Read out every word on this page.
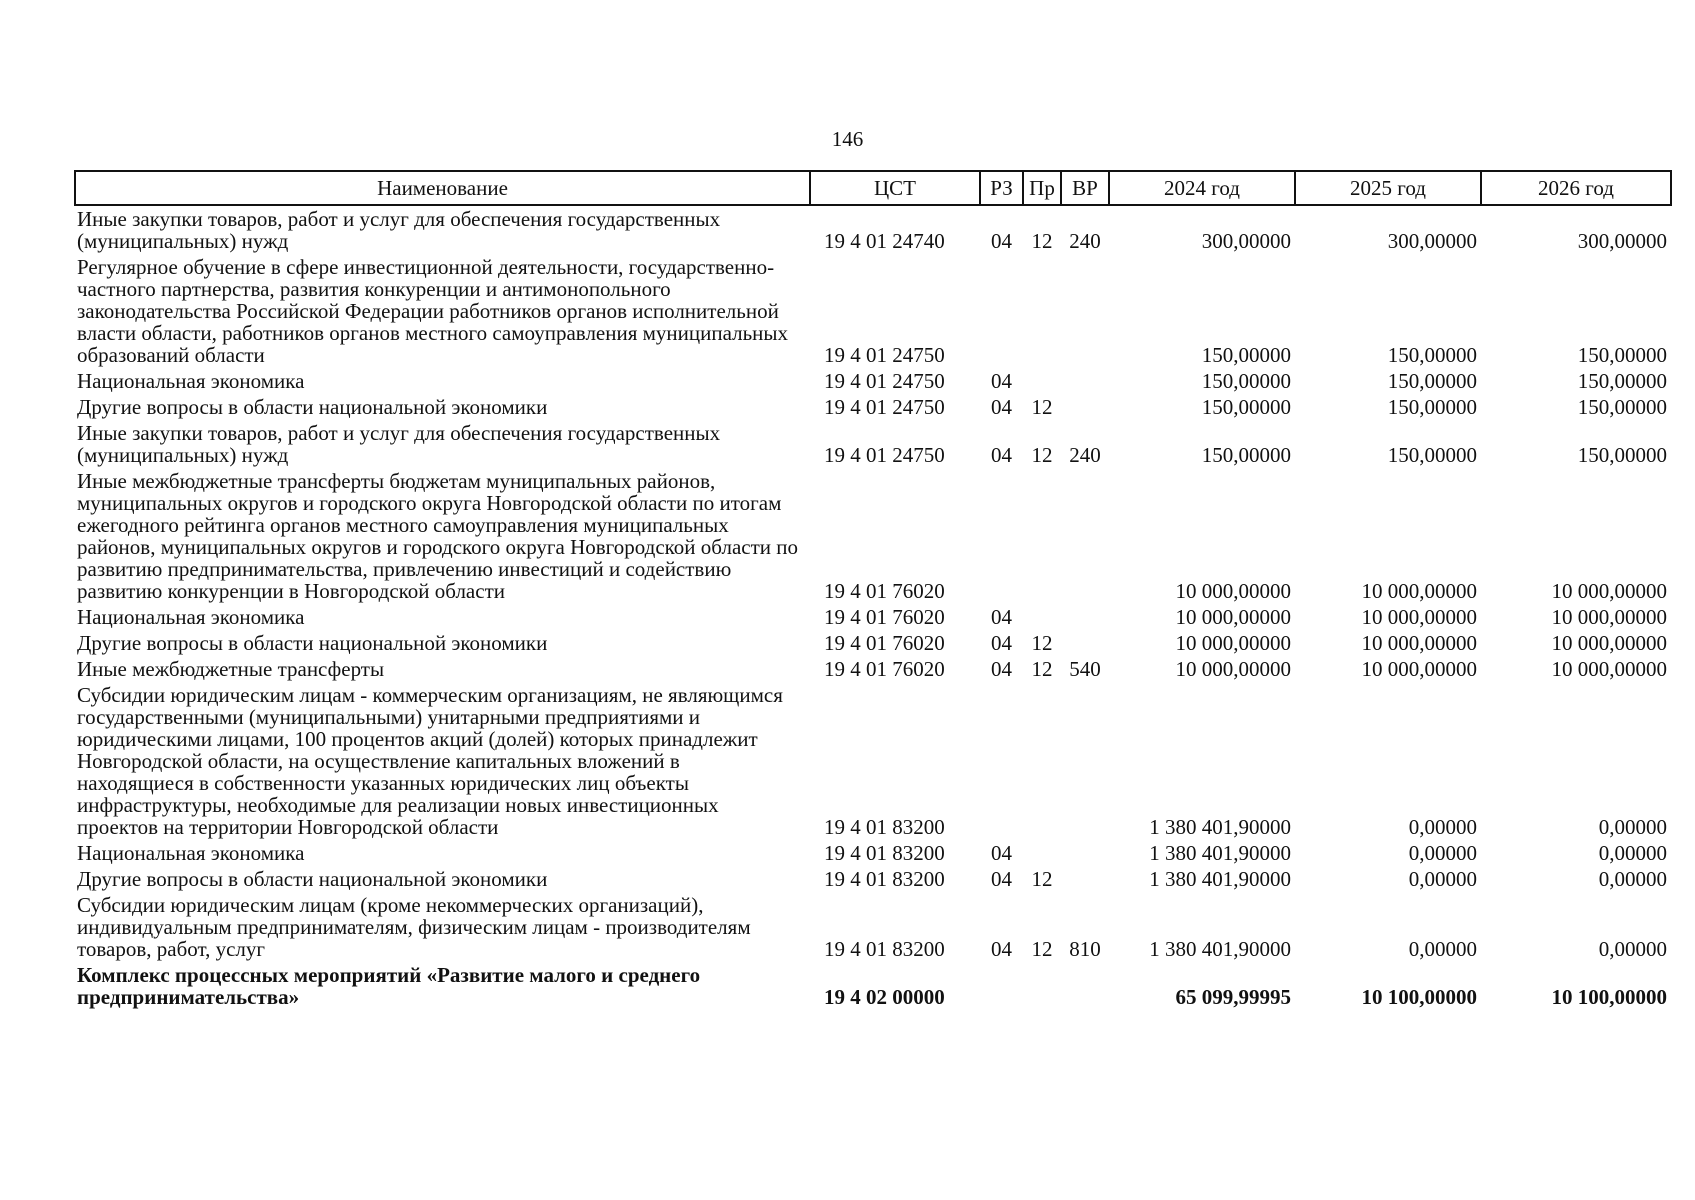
146
Наименование	ЦСТ	РЗ	Пр	ВР	2024 год	2025 год	2026 год
Иные закупки товаров, работ и услуг для обеспечения государственных (муниципальных) нужд	19 4 01 24740	04	12	240	300,00000	300,00000	300,00000
Регулярное обучение в сфере инвестиционной деятельности, государственно-частного партнерства, развития конкуренции и антимонопольного законодательства Российской Федерации работников органов исполнительной власти области, работников органов местного самоуправления муниципальных образований области	19 4 01 24750				150,00000	150,00000	150,00000
Национальная экономика	19 4 01 24750	04			150,00000	150,00000	150,00000
Другие вопросы в области национальной экономики	19 4 01 24750	04	12		150,00000	150,00000	150,00000
Иные закупки товаров, работ и услуг для обеспечения государственных (муниципальных) нужд	19 4 01 24750	04	12	240	150,00000	150,00000	150,00000
Иные межбюджетные трансферты бюджетам муниципальных районов, муниципальных округов и городского округа Новгородской области по итогам ежегодного рейтинга органов местного самоуправления муниципальных районов, муниципальных округов и городского округа Новгородской области по развитию предпринимательства, привлечению инвестиций и содействию развитию конкуренции в Новгородской области	19 4 01 76020				10 000,00000	10 000,00000	10 000,00000
Национальная экономика	19 4 01 76020	04			10 000,00000	10 000,00000	10 000,00000
Другие вопросы в области национальной экономики	19 4 01 76020	04	12		10 000,00000	10 000,00000	10 000,00000
Иные межбюджетные трансферты	19 4 01 76020	04	12	540	10 000,00000	10 000,00000	10 000,00000
Субсидии юридическим лицам - коммерческим организациям, не являющимся государственными (муниципальными) унитарными предприятиями и юридическими лицами, 100 процентов акций (долей) которых принадлежит Новгородской области, на осуществление капитальных вложений в находящиеся в собственности указанных юридических лиц объекты инфраструктуры, необходимые для реализации новых инвестиционных проектов на территории Новгородской области	19 4 01 83200				1 380 401,90000	0,00000	0,00000
Национальная экономика	19 4 01 83200	04			1 380 401,90000	0,00000	0,00000
Другие вопросы в области национальной экономики	19 4 01 83200	04	12		1 380 401,90000	0,00000	0,00000
Субсидии юридическим лицам (кроме некоммерческих организаций), индивидуальным предпринимателям, физическим лицам - производителям товаров, работ, услуг	19 4 01 83200	04	12	810	1 380 401,90000	0,00000	0,00000
Комплекс процессных мероприятий «Развитие малого и среднего предпринимательства»	19 4 02 00000				65 099,99995	10 100,00000	10 100,00000
